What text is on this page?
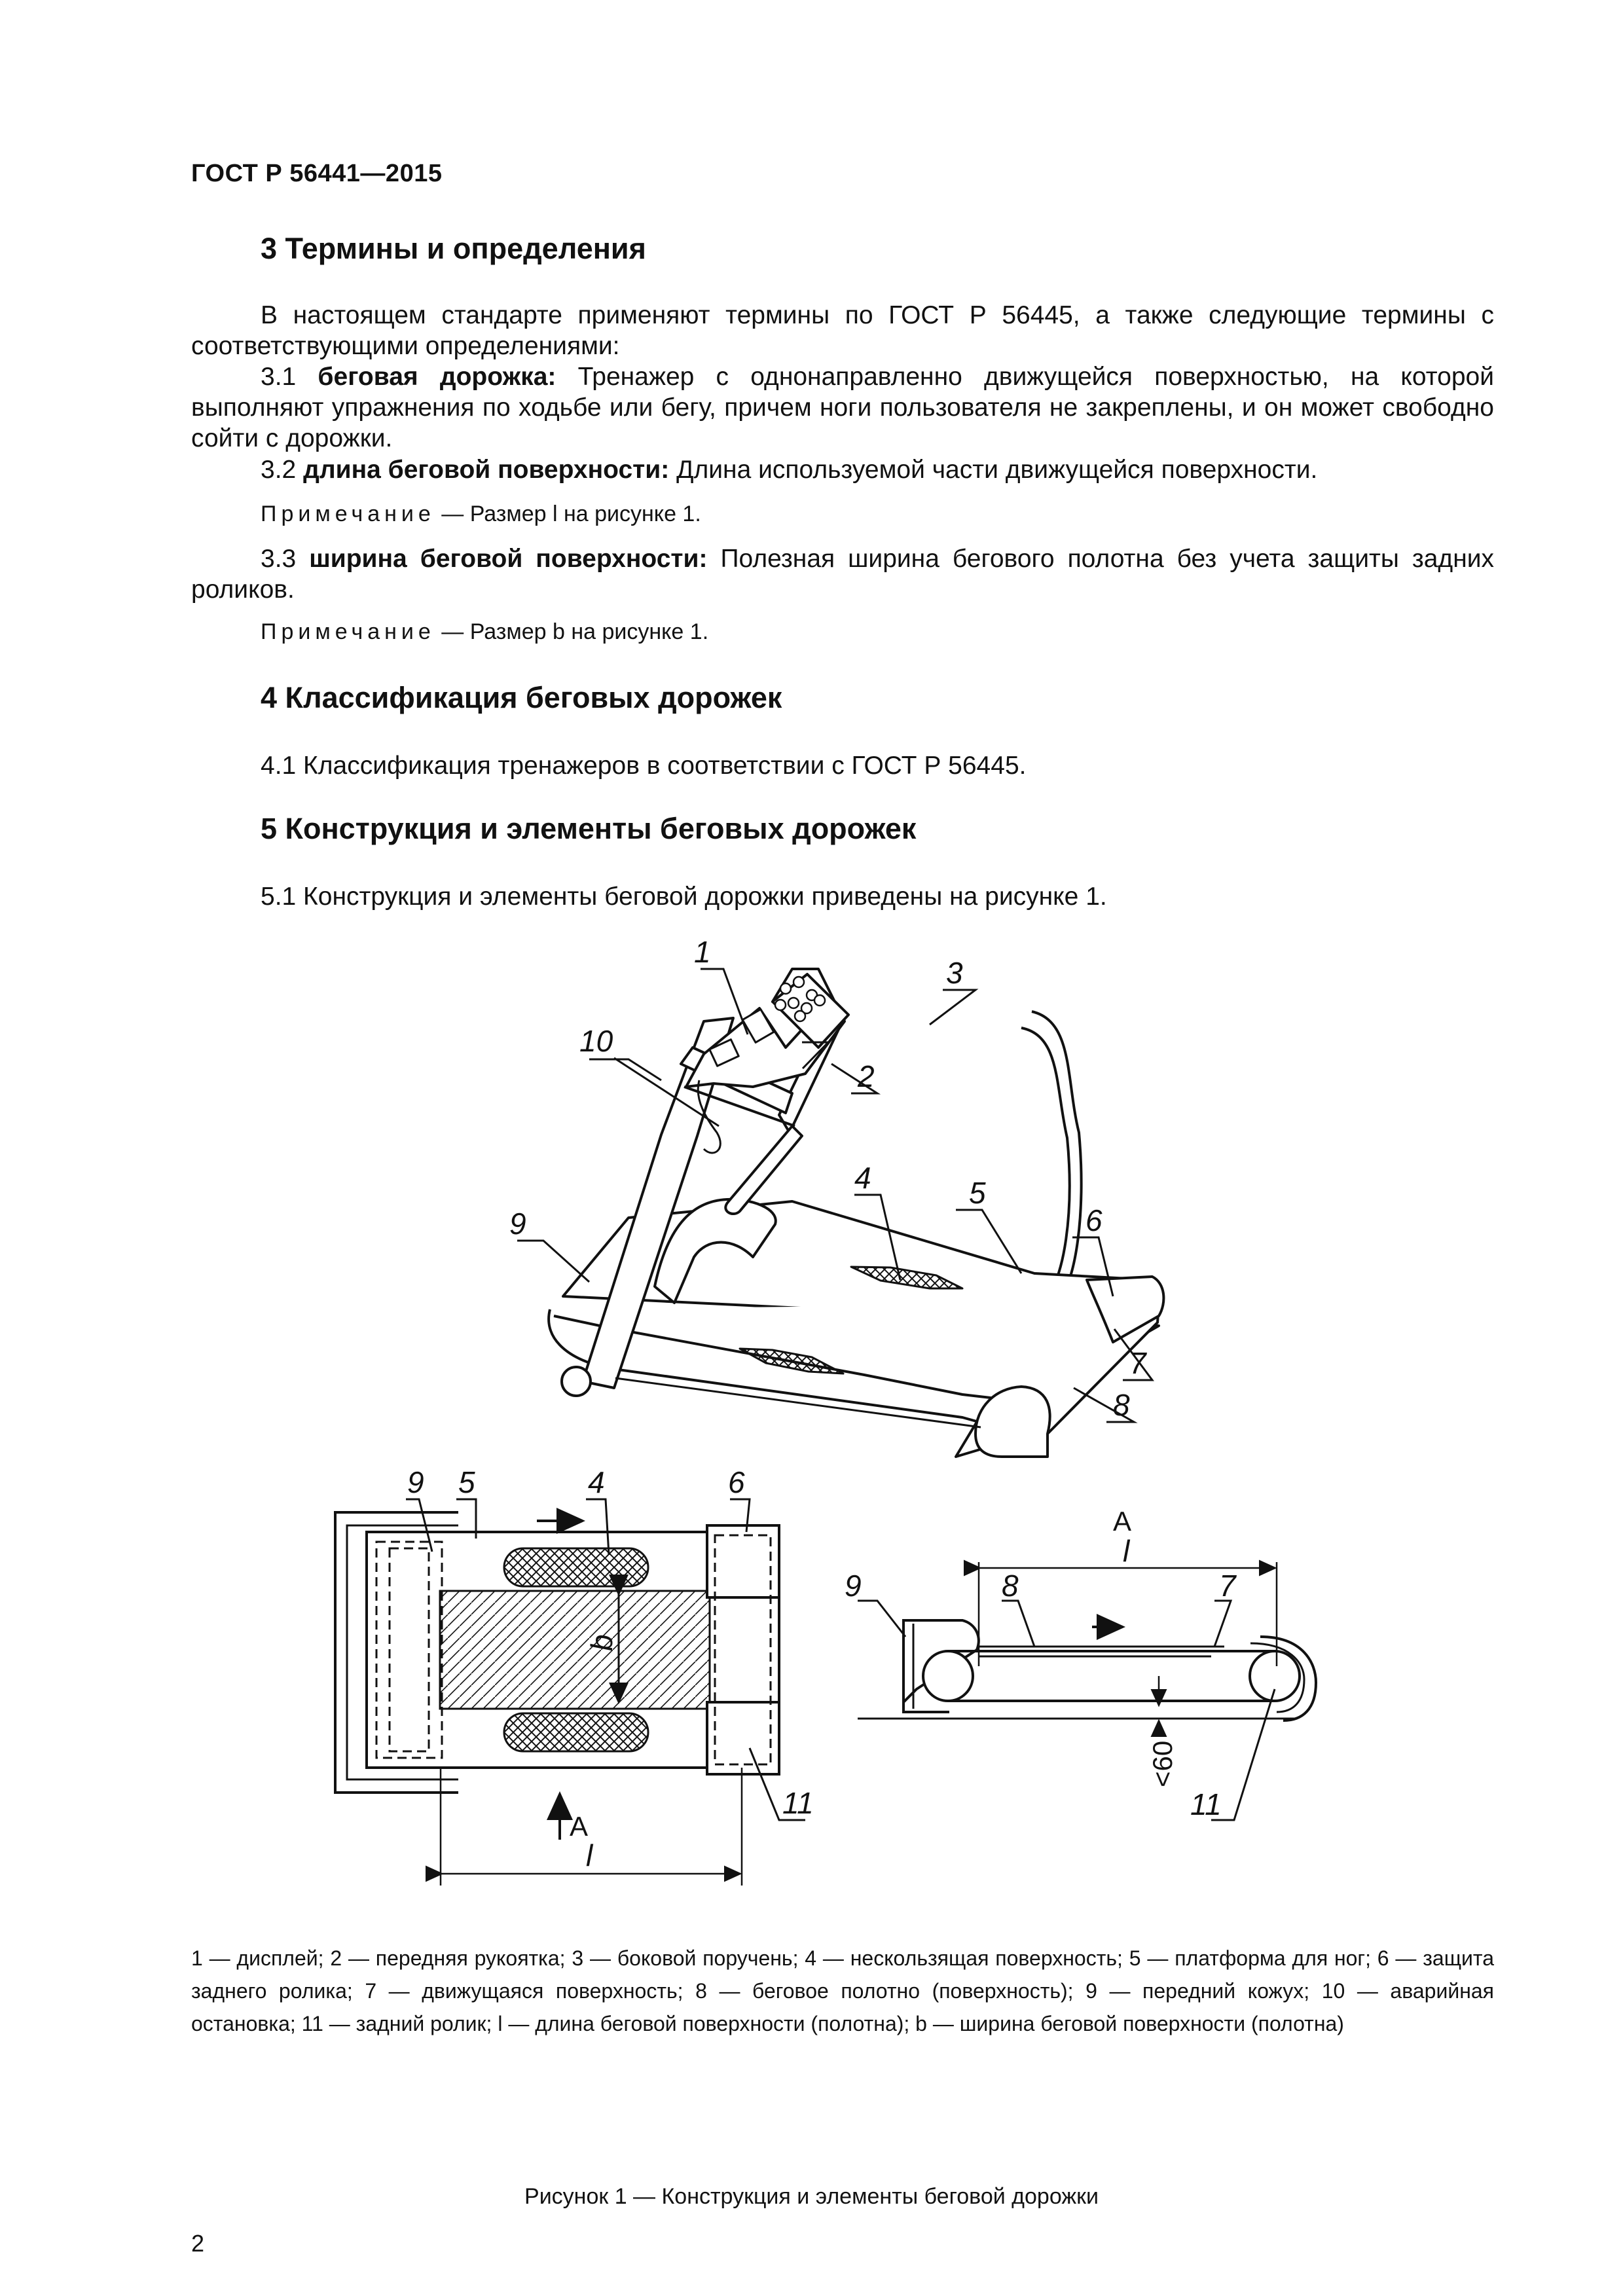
ГОСТ Р 56441—2015
3 Термины и определения
В настоящем стандарте применяют термины по ГОСТ Р 56445, а также следующие термины с соответствующими определениями:
3.1 беговая дорожка: Тренажер с однонаправленно движущейся поверхностью, на которой выполняют упражнения по ходьбе или бегу, причем ноги пользователя не закреплены, и он может свободно сойти с дорожки.
3.2 длина беговой поверхности: Длина используемой части движущейся поверхности.
Примечание — Размер l на рисунке 1.
3.3 ширина беговой поверхности: Полезная ширина бегового полотна без учета защиты задних роликов.
Примечание — Размер b на рисунке 1.
4 Классификация беговых дорожек
4.1 Классификация тренажеров в соответствии с ГОСТ Р 56445.
5 Конструкция и элементы беговых дорожек
5.1 Конструкция и элементы беговой дорожки приведены на рисунке 1.
1
3
2
10
9
4	5
6
7
8
9 5	4	6
11
А
l
b
А
l
9	8	7
11
<60
1 — дисплей; 2 — передняя рукоятка; 3 — боковой поручень; 4 — нескользящая поверхность; 5 — платформа для ног; 6 — защита заднего ролика; 7 — движущаяся поверхность; 8 — беговое полотно (поверхность); 9 — передний кожух; 10 — аварийная остановка; 11 — задний ролик; l — длина беговой поверхности (полотна); b — ширина беговой поверхности (полотна)
Рисунок 1 — Конструкция и элементы беговой дорожки
2
